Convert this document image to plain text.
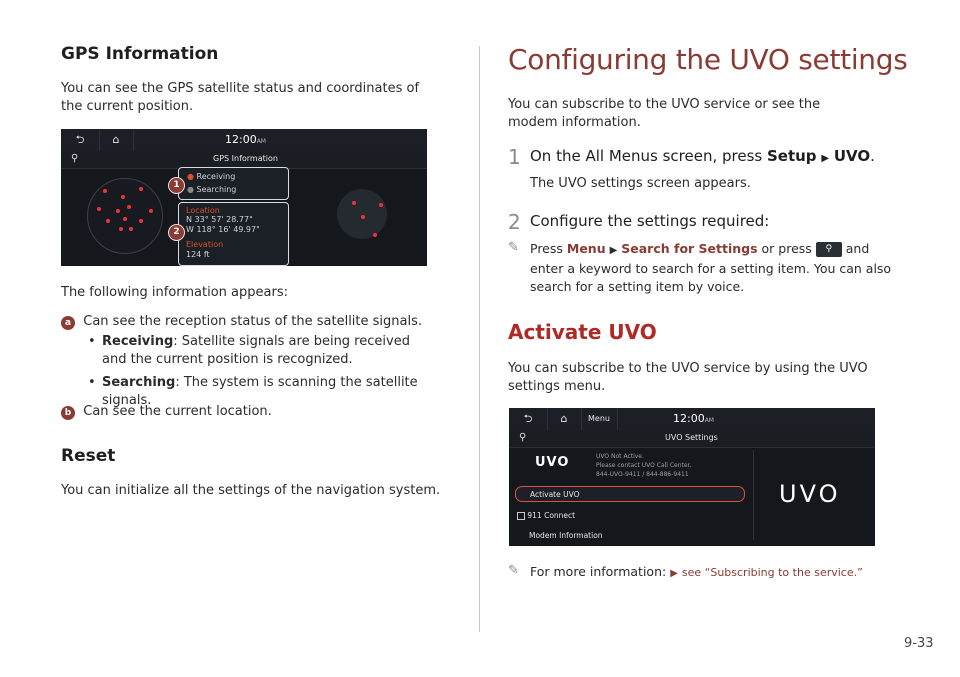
GPS Information
You can see the GPS satellite status and coordinates of the current position.
⮌	⌂	12:00AM
⚲	GPS Information
● Receiving
● Searching
Location
N 33° 57' 28.77"
W 118° 16' 49.97"
Elevation
124 ft
1
2
The following information appears:
a Can see the reception status of the satellite signals.
• Receiving: Satellite signals are being received and the current position is recognized.
• Searching: The system is scanning the satellite signals.
b Can see the current location.
Reset
You can initialize all the settings of the navigation system.
Configuring the UVO settings
You can subscribe to the UVO service or see the modem information.
1 On the All Menus screen, press Setup ▶ UVO.
The UVO settings screen appears.
2 Configure the settings required:
✎ Press Menu ▶ Search for Settings or press ⚲ and enter a keyword to search for a setting item. You can also search for a setting item by voice.
Activate UVO
You can subscribe to the UVO service by using the UVO settings menu.
⮌	⌂	Menu	12:00AM
⚲	UVO Settings
UVO	UVO Not Active.
Please contact UVO Call Center.
844-UVO-9411 / 844-886-9411
Activate UVO
911 Connect
Modem Information
UVO
✎ For more information: ▶ see “Subscribing to the service.”
9-33
